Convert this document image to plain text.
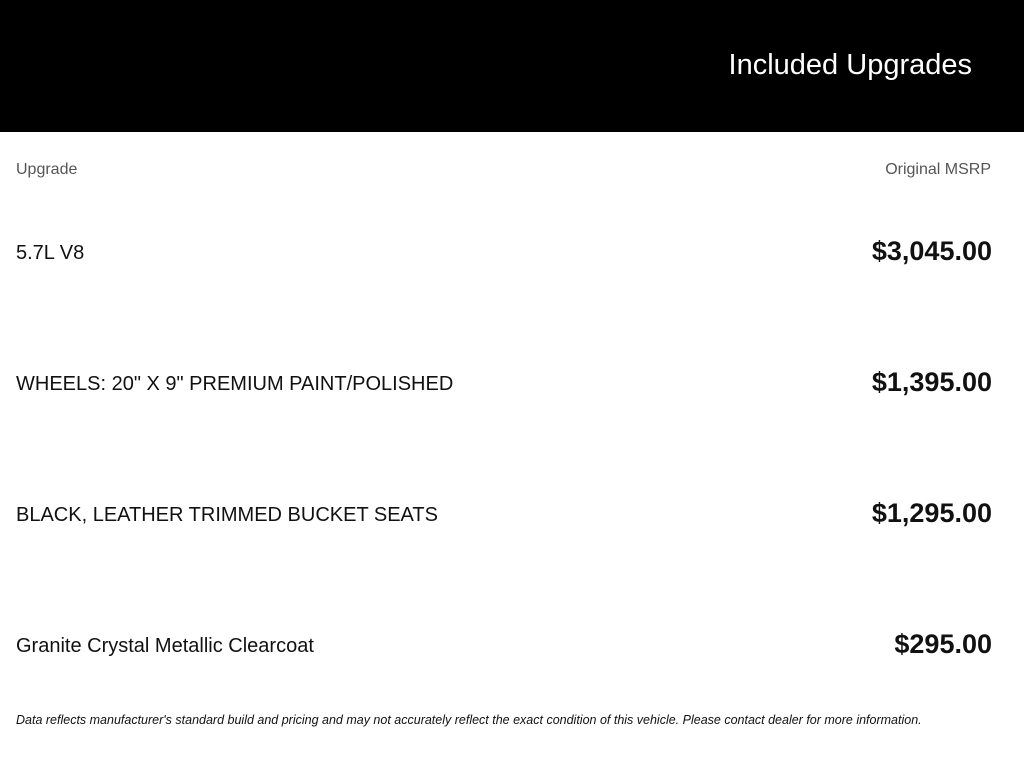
Included Upgrades
Upgrade	Original MSRP
5.7L V8	$3,045.00
WHEELS: 20" X 9" PREMIUM PAINT/POLISHED	$1,395.00
BLACK, LEATHER TRIMMED BUCKET SEATS	$1,295.00
Granite Crystal Metallic Clearcoat	$295.00
Data reflects manufacturer's standard build and pricing and may not accurately reflect the exact condition of this vehicle. Please contact dealer for more information.
